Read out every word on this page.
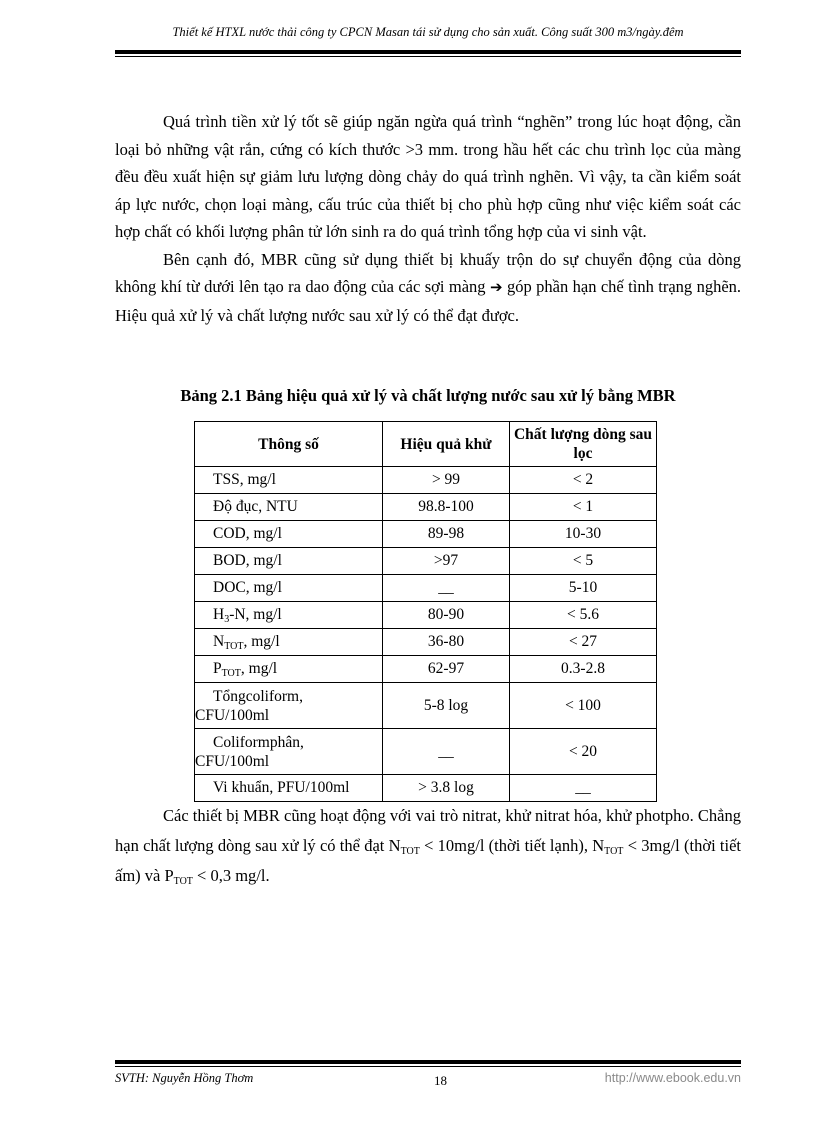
Thiết kế HTXL nước thải công ty CPCN Masan tái sử dụng cho sản xuất. Công suất 300 m3/ngày.đêm

Quá trình tiền xử lý tốt sẽ giúp ngăn ngừa quá trình “nghẽn” trong lúc hoạt động, cần loại bỏ những vật rắn, cứng có kích thước >3 mm. trong hầu hết các chu trình lọc của màng đều đều xuất hiện sự giảm lưu lượng dòng chảy do quá trình nghẽn. Vì vậy, ta cần kiểm soát áp lực nước, chọn loại màng, cấu trúc của thiết bị cho phù hợp cũng như việc kiểm soát các hợp chất có khối lượng phân tử lớn sinh ra do quá trình tổng hợp của vi sinh vật.

Bên cạnh đó, MBR cũng sử dụng thiết bị khuấy trộn do sự chuyển động của dòng không khí từ dưới lên tạo ra dao động của các sợi màng ➔ góp phần hạn chế tình trạng nghẽn. Hiệu quả xử lý và chất lượng nước sau xử lý có thể đạt được.

Bảng 2.1 Bảng hiệu quả xử lý và chất lượng nước sau xử lý bằng MBR
Thông số	Hiệu quả khử	Chất lượng dòng sau lọc
TSS, mg/l	> 99	< 2
Độ đục, NTU	98.8-100	< 1
COD, mg/l	89-98	10-30
BOD, mg/l	>97	< 5
DOC, mg/l	__	5-10
$H_3-N$, mg/l	80-90	< 5.6
$N_{TOT}$, mg/l	36-80	< 27
$P_{TOT}$, mg/l	62-97	0.3-2.8

Tổngcoliform,
CFU/100ml	5-8 log	< 100

Coliformphân,
CFU/100ml	__	< 20
Vi khuẩn, PFU/100ml	> 3.8 log	__

Các thiết bị MBR cũng hoạt động với vai trò nitrat, khử nitrat hóa, khử photpho. Chẳng hạn chất lượng dòng sau xử lý có thể đạt $N_{TOT} < 10mg/l$ (thời tiết lạnh), $N_{TOT} < 3mg/l$ (thời tiết ấm) và $P_{TOT} < 0,3$ mg/l.

SVTH: Nguyễn Hồng Thơm	18	http://www.ebook.edu.vn
